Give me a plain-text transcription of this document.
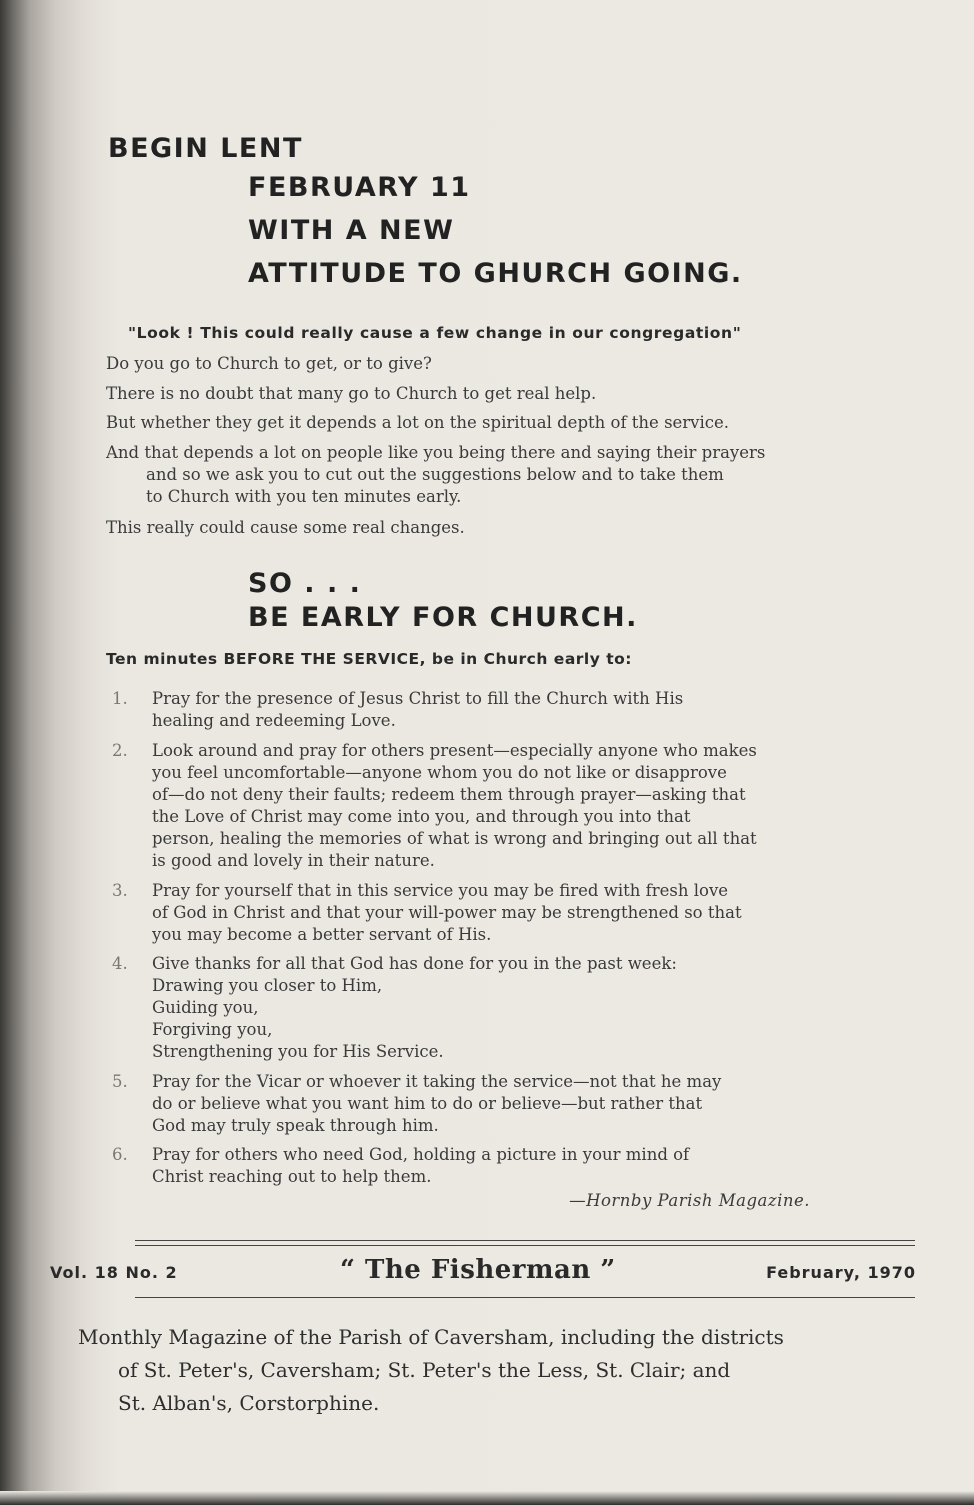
BEGIN LENT
FEBRUARY 11
WITH A NEW
ATTITUDE TO GHURCH GOING.
"Look ! This could really cause a few change in our congregation"
Do you go to Church to get, or to give?
There is no doubt that many go to Church to get real help.
But whether they get it depends a lot on the spiritual depth of the service.
And that depends a lot on people like you being there and saying their prayers
and so we ask you to cut out the suggestions below and to take them
to Church with you ten minutes early.
This really could cause some real changes.
SO . . .
BE EARLY FOR CHURCH.
Ten minutes BEFORE THE SERVICE, be in Church early to:
1.	Pray for the presence of Jesus Christ to fill the Church with His
healing and redeeming Love.
2.	Look around and pray for others present—especially anyone who makes
you feel uncomfortable—anyone whom you do not like or disapprove
of—do not deny their faults; redeem them through prayer—asking that
the Love of Christ may come into you, and through you into that
person, healing the memories of what is wrong and bringing out all that
is good and lovely in their nature.
3.	Pray for yourself that in this service you may be fired with fresh love
of God in Christ and that your will-power may be strengthened so that
you may become a better servant of His.
4.	Give thanks for all that God has done for you in the past week:
Drawing you closer to Him,
Guiding you,
Forgiving you,
Strengthening you for His Service.
5.	Pray for the Vicar or whoever it taking the service—not that he may
do or believe what you want him to do or believe—but rather that
God may truly speak through him.
6.	Pray for others who need God, holding a picture in your mind of
Christ reaching out to help them.
—Hornby Parish Magazine.
Vol. 18 No. 2	“ The Fisherman ”	February, 1970
Monthly Magazine of the Parish of Caversham, including the districts
of St. Peter's, Caversham; St. Peter's the Less, St. Clair; and
St. Alban's, Corstorphine.
